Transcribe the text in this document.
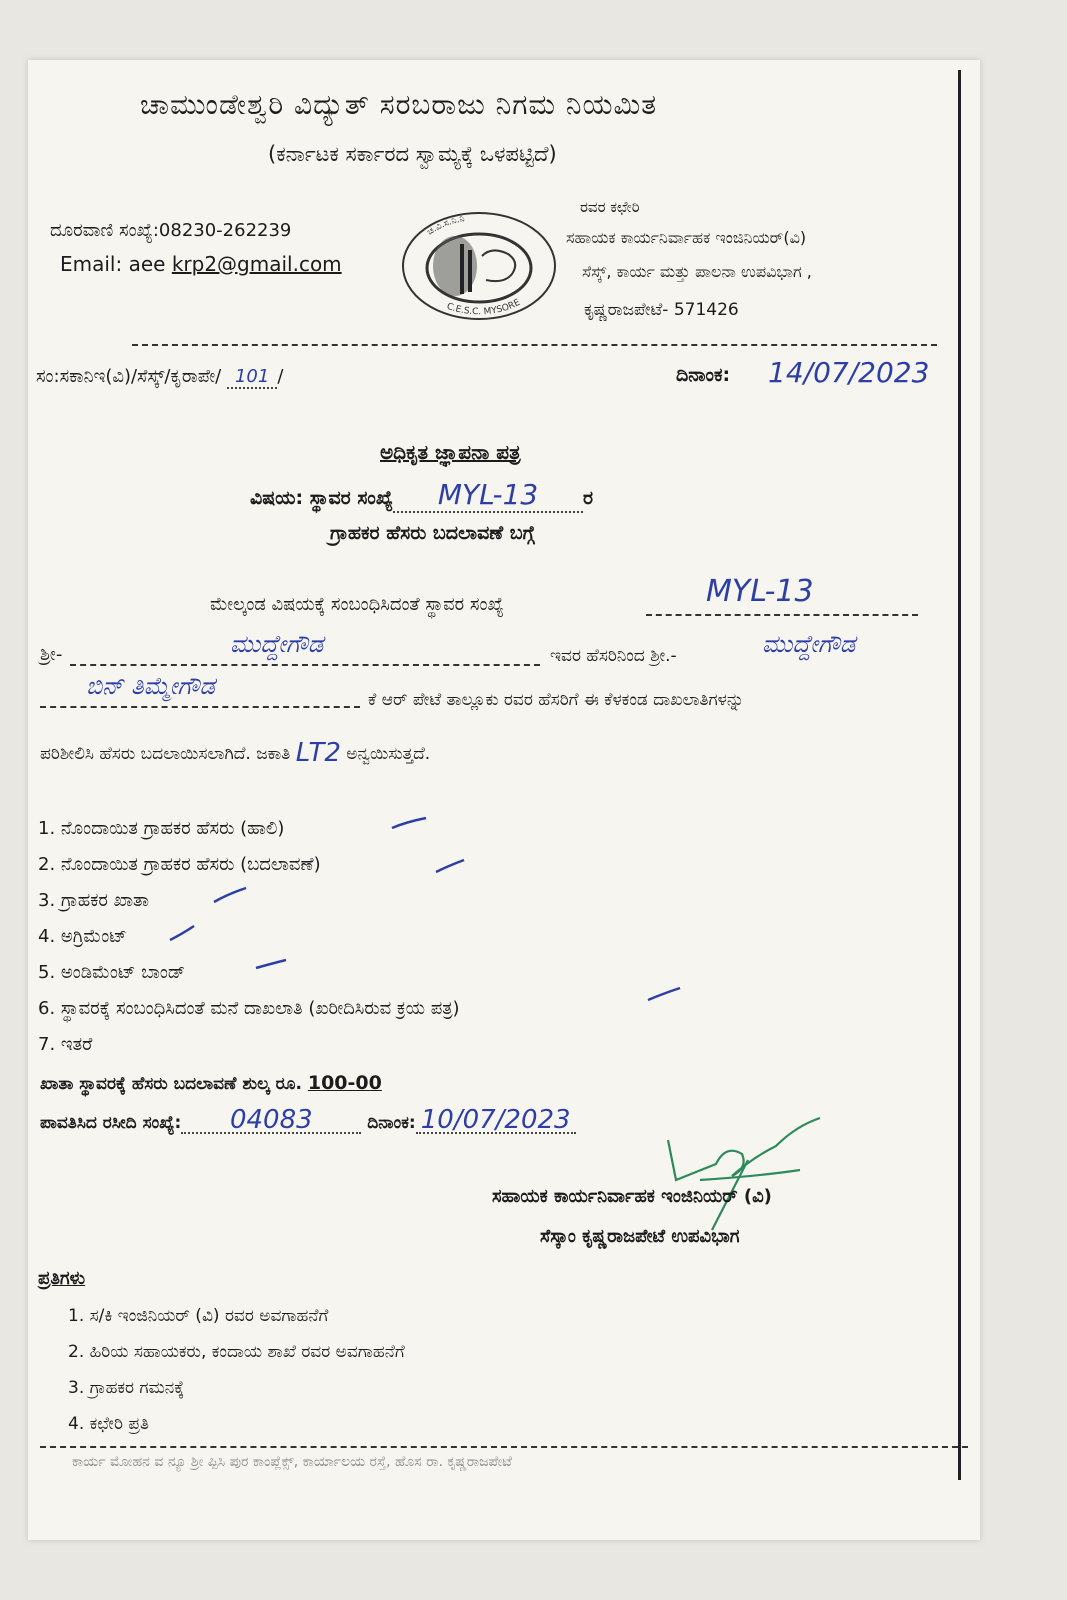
ಚಾಮುಂಡೇಶ್ವರಿ ವಿದ್ಯುತ್ ಸರಬರಾಜು ನಿಗಮ ನಿಯಮಿತ
(ಕರ್ನಾಟಕ ಸರ್ಕಾರದ ಸ್ವಾಮ್ಯಕ್ಕೆ ಒಳಪಟ್ಟಿದೆ)
ದೂರವಾಣಿ ಸಂಖ್ಯೆ:08230-262239
Email: aee krp2@gmail.com
ಚ.ವಿ.ಸ.ನಿ.ನಿ
C.E.S.C. MYSORE
ರವರ ಕಛೇರಿ
ಸಹಾಯಕ ಕಾರ್ಯನಿರ್ವಾಹಕ ಇಂಜಿನಿಯರ್(ವಿ)
ಸೆಸ್ಕ್, ಕಾರ್ಯ ಮತ್ತು ಪಾಲನಾ ಉಪವಿಭಾಗ ,
ಕೃಷ್ಣರಾಜಪೇಟೆ- 571426
ಸಂ:ಸಕಾನಿಇ(ವಿ)/ಸೆಸ್ಕ್/ಕೃರಾಪೇ/ 101 /	ದಿನಾಂಕ: 14/07/2023
ಅಧಿಕೃತ ಜ್ಞಾಪನಾ ಪತ್ರ
ವಿಷಯ: ಸ್ಥಾವರ ಸಂಖ್ಯೆ MYL-13 ರ
ಗ್ರಾಹಕರ ಹೆಸರು ಬದಲಾವಣೆ ಬಗ್ಗೆ
ಮೇಲ್ಕಂಡ ವಿಷಯಕ್ಕೆ ಸಂಬಂಧಿಸಿದಂತೆ ಸ್ಥಾವರ ಸಂಖ್ಯೆ	MYL-13
ಶ್ರೀ-	ಮುದ್ದೇಗೌಡ	ಇವರ ಹೆಸರಿನಿಂದ ಶ್ರೀ.-	ಮುದ್ದೇಗೌಡ
ಬಿನ್ ತಿಮ್ಮೇಗೌಡ	ಕೆ ಆರ್ ಪೇಟೆ ತಾಲ್ಲೂಕು ರವರ ಹೆಸರಿಗೆ ಈ ಕೆಳಕಂಡ ದಾಖಲಾತಿಗಳನ್ನು
ಪರಿಶೀಲಿಸಿ ಹೆಸರು ಬದಲಾಯಿಸಲಾಗಿದೆ. ಜಕಾತಿ LT2 ಅನ್ವಯಿಸುತ್ತದೆ.
1. ನೊಂದಾಯಿತ ಗ್ರಾಹಕರ ಹೆಸರು (ಹಾಲಿ)
2. ನೊಂದಾಯಿತ ಗ್ರಾಹಕರ ಹೆಸರು (ಬದಲಾವಣೆ)
3. ಗ್ರಾಹಕರ ಖಾತಾ
4. ಅಗ್ರಿಮೆಂಟ್
5. ಅಂಡಿಮೆಂಟ್ ಬಾಂಡ್
6. ಸ್ಥಾವರಕ್ಕೆ ಸಂಬಂಧಿಸಿದಂತೆ ಮನೆ ದಾಖಲಾತಿ (ಖರೀದಿಸಿರುವ ಕ್ರಯ ಪತ್ರ)
7. ಇತರೆ
ಖಾತಾ ಸ್ಥಾವರಕ್ಕೆ ಹೆಸರು ಬದಲಾವಣೆ ಶುಲ್ಕ ರೂ. 100-00
ಪಾವತಿಸಿದ ರಸೀದಿ ಸಂಖ್ಯೆ: 04083	ದಿನಾಂಕ: 10/07/2023
ಸಹಾಯಕ ಕಾರ್ಯನಿರ್ವಾಹಕ ಇಂಜಿನಿಯರ್ (ವಿ)
ಸೆಸ್ಕಾಂ ಕೃಷ್ಣರಾಜಪೇಟೆ ಉಪವಿಭಾಗ
ಪ್ರತಿಗಳು
1. ಸ/ಕಿ ಇಂಜಿನಿಯರ್ (ವಿ) ರವರ ಅವಗಾಹನೆಗೆ
2. ಹಿರಿಯ ಸಹಾಯಕರು, ಕಂದಾಯ ಶಾಖೆ ರವರ ಅವಗಾಹನೆಗೆ
3. ಗ್ರಾಹಕರ ಗಮನಕ್ಕೆ
4. ಕಛೇರಿ ಪ್ರತಿ
ಕಾರ್ಯ ಮೋಹನ ವ ನ್ಯೂ ಶ್ರೀ ಪ್ಪಿಸಿ ಪುರ ಕಾಂಪ್ಲೆಕ್ಸ್, ಕಾರ್ಯಾಲಯ ರಸ್ತೆ, ಹೊಸ ರಾ. ಕೃಷ್ಣರಾಜಪೇಟೆ
